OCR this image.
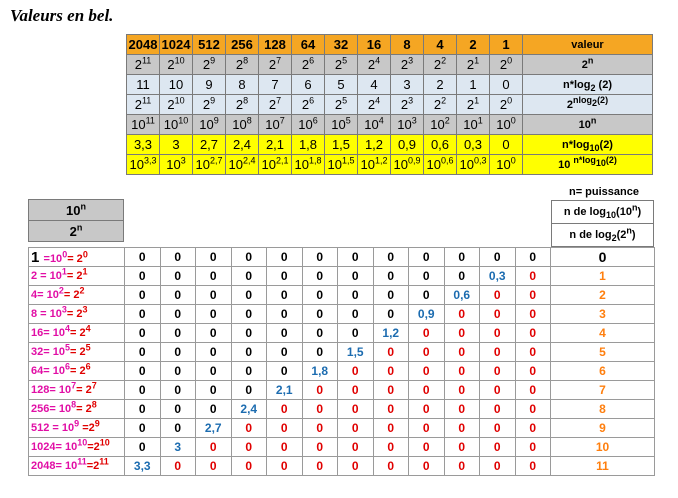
Valeurs en bel.
2048	1024	512	256	128	64	32	16	8	4	2	1	valeur
$2^{11}$	$2^{10}$	$2^9$	$2^8$	$2^7$	$2^6$	$2^5$	$2^4$	$2^3$	$2^2$	$2^1$	$2^0$	2$^n$
11	10	9	8	7	6	5	4	3	2	1	0	$n*\log_2$ (2)
$2^{11}$	$2^{10}$	$2^9$	$2^8$	$2^7$	$2^6$	$2^5$	$2^4$	$2^3$	$2^2$	$2^1$	$2^0$	$2^{nlog_2(2)}$
$10^{11}$	$10^{10}$	$10^9$	$10^8$	$10^7$	$10^6$	$10^5$	$10^4$	$10^3$	$10^2$	$10^1$	$10^0$	10$^n$
3,3	3	2,7	2,4	2,1	1,8	1,5	1,2	0,9	0,6	0,3	0	$n*\log_{10}(2)$
10$^{3,3}$	$10^3$	10$^{2,7}$	10$^{2,4}$	10$^{2,1}$	10$^{1,8}$	10$^{1,5}$	10$^{1,2}$	10$^{0,9}$	10$^{0,6}$	10$^{0,3}$	$10^0$	10 $^{n*log_{10}(2)}$
n= puissance
n de $\log_{10}(10^n)$
n de $\log_2(2^n)$
10$^n$
2$^n$
$1 =10^0= 2^0$	0	0	0	0	0	0	0	0	0	0	0	0	0
$2 = 10^1= 2^1$	0	0	0	0	0	0	0	0	0	0	0,3	0	1
$4= 10^2= 2^2$	0	0	0	0	0	0	0	0	0	0,6	0	0	2
$8 = 10^3= 2^3$	0	0	0	0	0	0	0	0	0,9	0	0	0	3
$16= 10^4= 2^4$	0	0	0	0	0	0	0	1,2	0	0	0	0	4
$32= 10^5= 2^5$	0	0	0	0	0	0	1,5	0	0	0	0	0	5
$64= 10^6= 2^6$	0	0	0	0	0	1,8	0	0	0	0	0	0	6
$128= 10^7= 2^7$	0	0	0	0	2,1	0	0	0	0	0	0	0	7
$256= 10^8= 2^8$	0	0	0	2,4	0	0	0	0	0	0	0	0	8
$512 = 10^9 =2^9$	0	0	2,7	0	0	0	0	0	0	0	0	0	9
$1024= 10^{10}=2^{10}$	0	3	0	0	0	0	0	0	0	0	0	0	10
$2048= 10^{11}=2^{11}$	3,3	0	0	0	0	0	0	0	0	0	0	0	11
